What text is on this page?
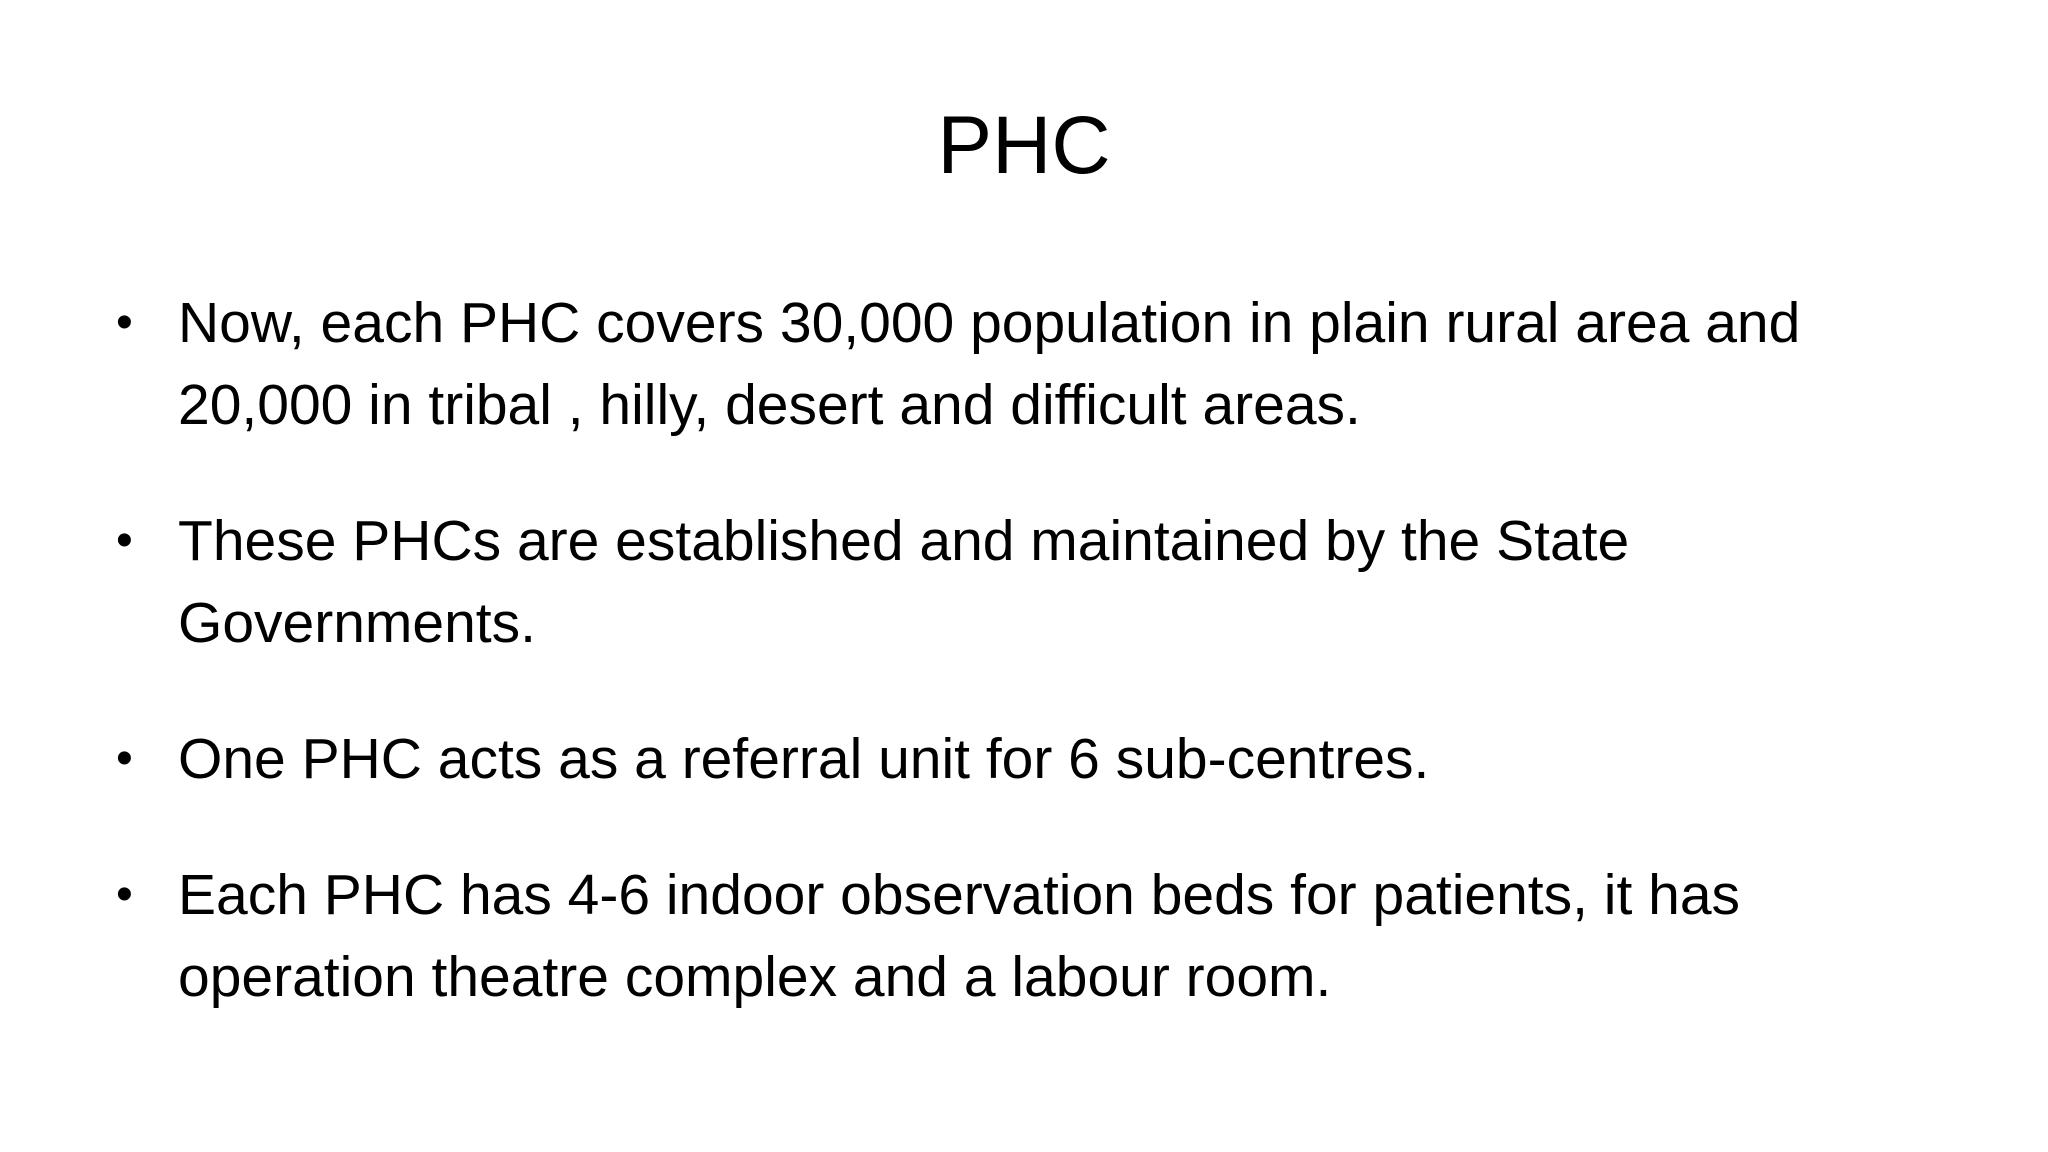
PHC
• Now, each PHC covers 30,000 population in plain rural area and 20,000 in tribal , hilly, desert and difficult areas.
• These PHCs are established and maintained by the State Governments.
• One PHC acts as a referral unit for 6 sub-centres.
• Each PHC has 4-6 indoor observation beds for patients, it has operation theatre complex and a labour room.
